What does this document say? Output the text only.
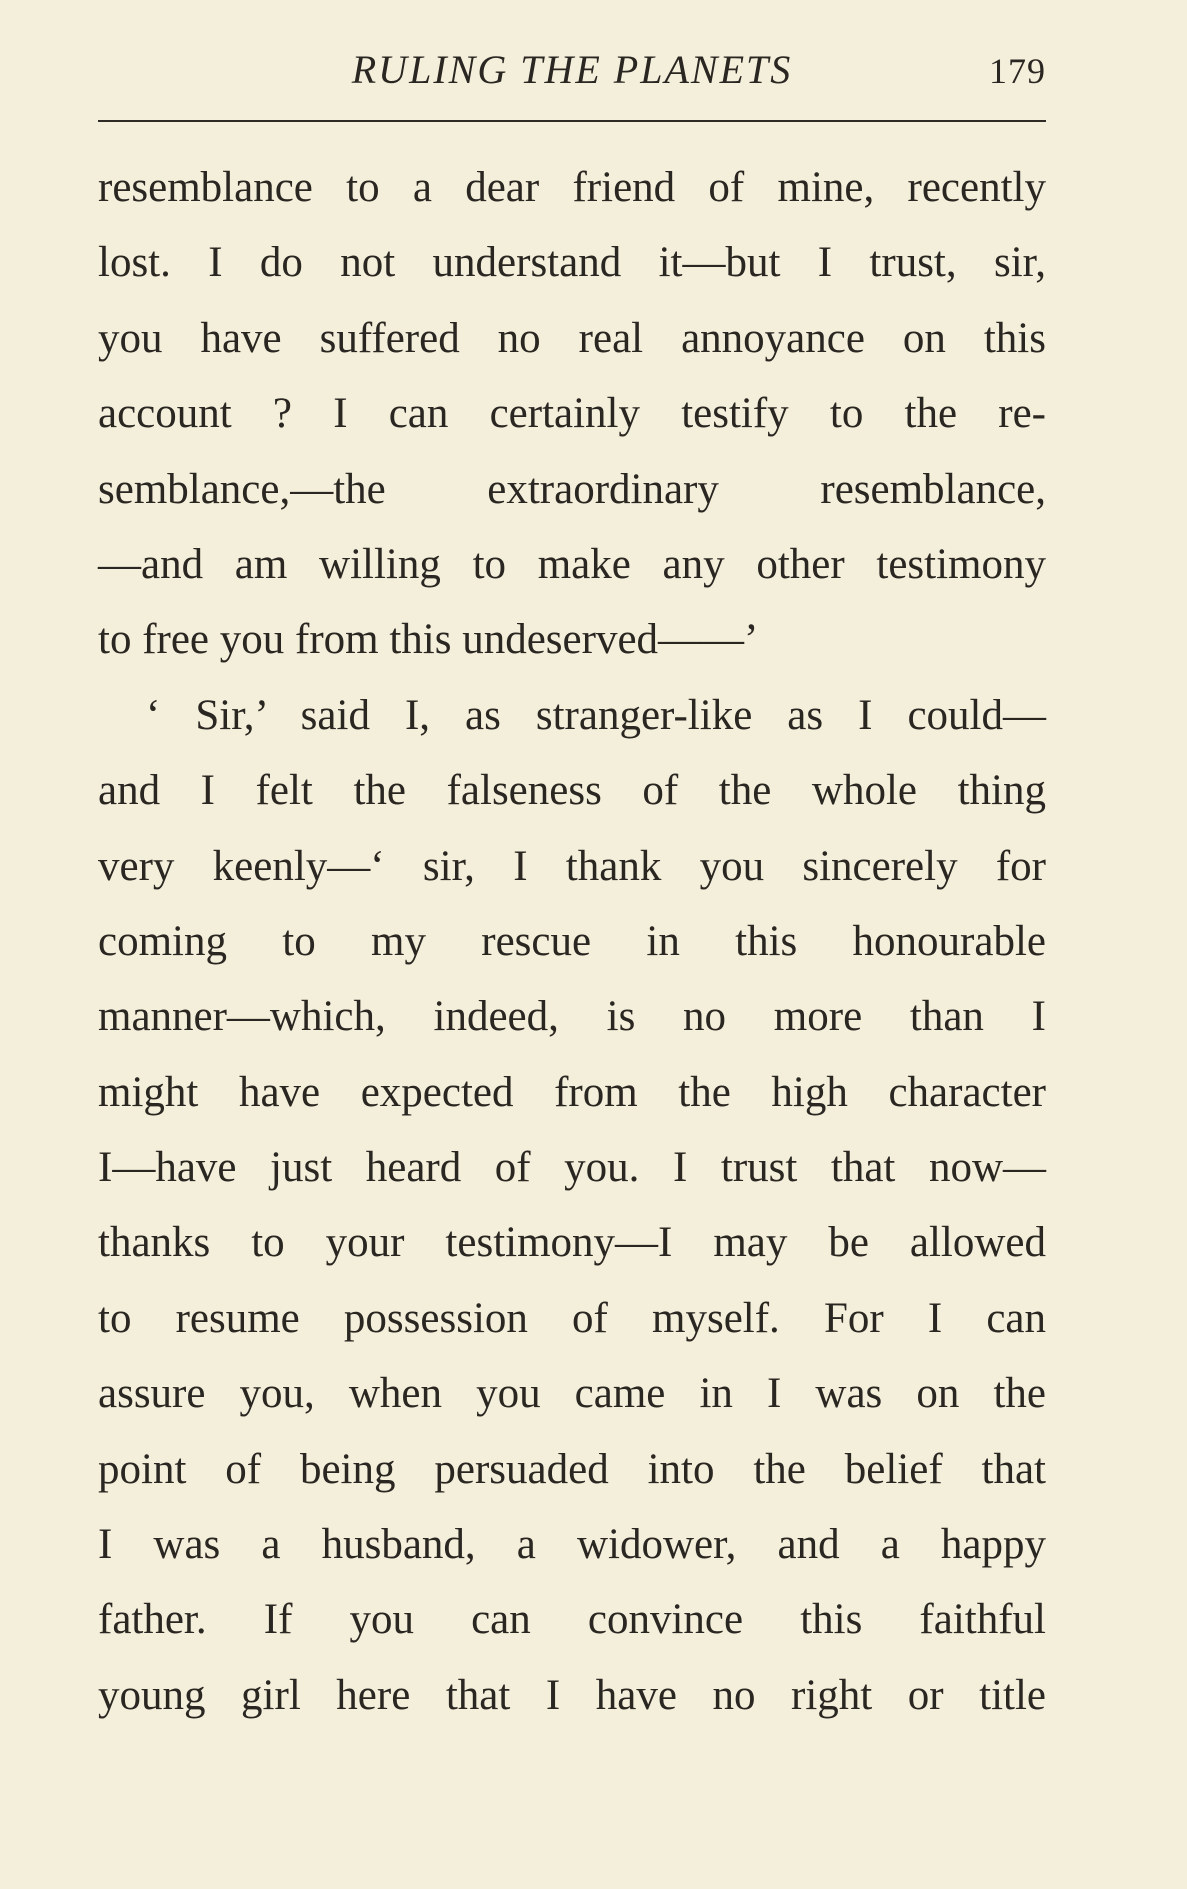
RULING THE PLANETS	179
resemblance to a dear friend of mine, recently
lost. I do not understand it—but I trust, sir,
you have suffered no real annoyance on this
account ? I can certainly testify to the re-
semblance,—the extraordinary resemblance,
—and am willing to make any other testimony
to free you from this undeserved——’
‘ Sir,’ said I, as stranger-like as I could—
and I felt the falseness of the whole thing
very keenly—‘ sir, I thank you sincerely for
coming to my rescue in this honourable
manner—which, indeed, is no more than I
might have expected from the high character
I—have just heard of you. I trust that now—
thanks to your testimony—I may be allowed
to resume possession of myself. For I can
assure you, when you came in I was on the
point of being persuaded into the belief that
I was a husband, a widower, and a happy
father. If you can convince this faithful
young girl here that I have no right or title
